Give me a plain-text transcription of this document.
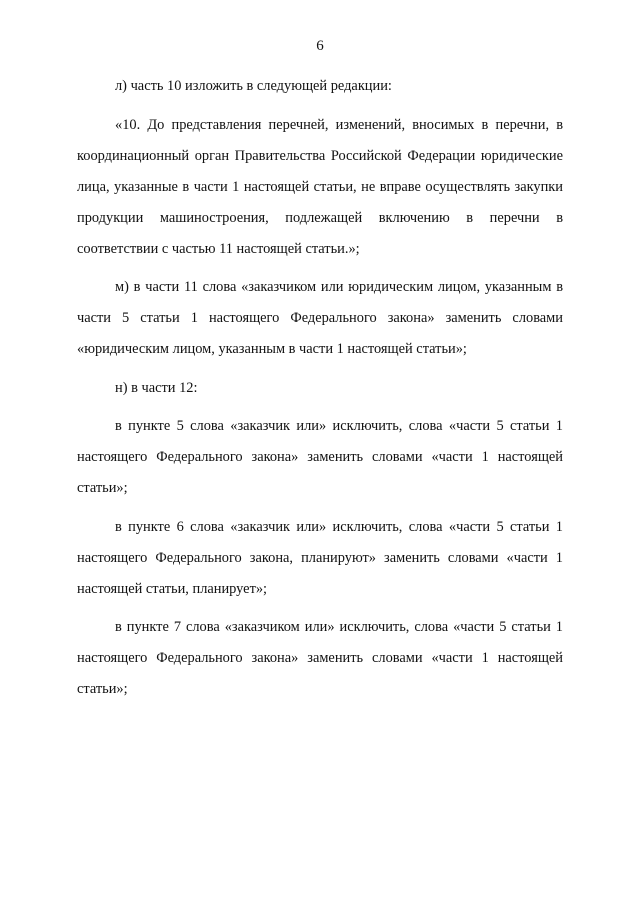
6

л) часть 10 изложить в следующей редакции:

«10. До представления перечней, изменений, вносимых в перечни, в координационный орган Правительства Российской Федерации юридические лица, указанные в части 1 настоящей статьи, не вправе осуществлять закупки продукции машиностроения, подлежащей включению в перечни в соответствии с частью 11 настоящей статьи.»;

м) в части 11 слова «заказчиком или юридическим лицом, указанным в части 5 статьи 1 настоящего Федерального закона» заменить словами «юридическим лицом, указанным в части 1 настоящей статьи»;

н) в части 12:

в пункте 5 слова «заказчик или» исключить, слова «части 5 статьи 1 настоящего Федерального закона» заменить словами «части 1 настоящей статьи»;

в пункте 6 слова «заказчик или» исключить, слова «части 5 статьи 1 настоящего Федерального закона, планируют» заменить словами «части 1 настоящей статьи, планирует»;

в пункте 7 слова «заказчиком или» исключить, слова «части 5 статьи 1 настоящего Федерального закона» заменить словами «части 1 настоящей статьи»;
